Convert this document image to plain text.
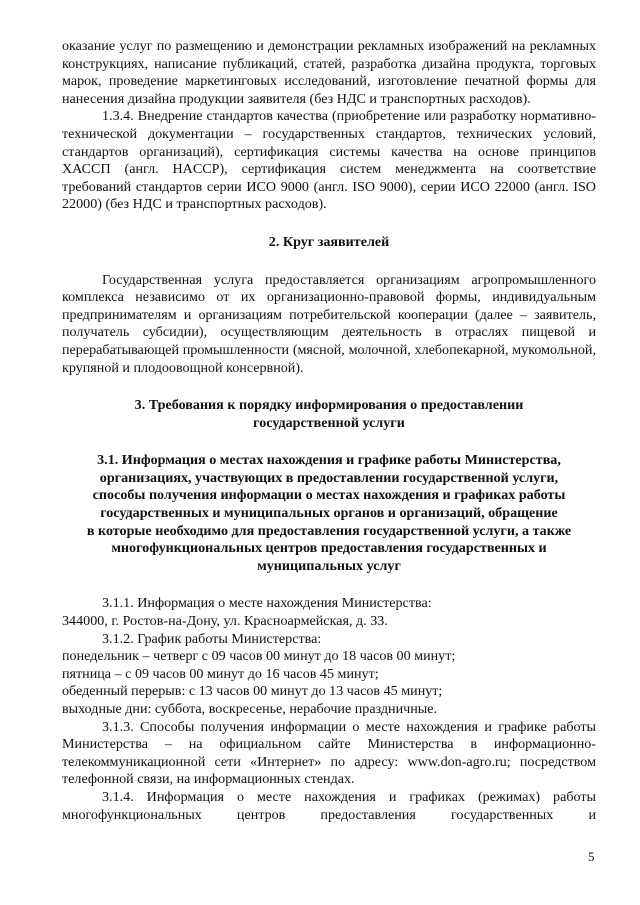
оказание услуг по размещению и демонстрации рекламных изображений на рекламных конструкциях, написание публикаций, статей, разработка дизайна продукта, торговых марок, проведение маркетинговых исследований, изготовление печатной формы для нанесения дизайна продукции заявителя (без НДС и транспортных расходов).

1.3.4. Внедрение стандартов качества (приобретение или разработку нормативно-технической документации – государственных стандартов, технических условий, стандартов организаций), сертификация системы качества на основе принципов ХАССП (англ. HACCP), сертификация систем менеджмента на соответствие требований стандартов серии ИСО 9000 (англ. ISO 9000), серии ИСО 22000 (англ. ISO 22000) (без НДС и транспортных расходов).

2. Круг заявителей

Государственная услуга предоставляется организациям агропромышленного комплекса независимо от их организационно-правовой формы, индивидуальным предпринимателям и организациям потребительской кооперации (далее – заявитель, получатель субсидии), осуществляющим деятельность в отраслях пищевой и перерабатывающей промышленности (мясной, молочной, хлебопекарной, мукомольной, крупяной и плодоовощной консервной).

3. Требования к порядку информирования о предоставлении
государственной услуги

3.1. Информация о местах нахождения и графике работы Министерства,
организациях, участвующих в предоставлении государственной услуги,
способы получения информации о местах нахождения и графиках работы
государственных и муниципальных органов и организаций, обращение
в которые необходимо для предоставления государственной услуги, а также
многофункциональных центров предоставления государственных и
муниципальных услуг

3.1.1. Информация о месте нахождения Министерства:

344000, г. Ростов-на-Дону, ул. Красноармейская, д. 33.

3.1.2. График работы Министерства:

понедельник – четверг с 09 часов 00 минут до 18 часов 00 минут;

пятница – с 09 часов 00 минут до 16 часов 45 минут;

обеденный перерыв: с 13 часов 00 минут до 13 часов 45 минут;

выходные дни: суббота, воскресенье, нерабочие праздничные.

3.1.3. Способы получения информации о месте нахождения и графике работы Министерства – на официальном сайте Министерства в информационно-телекоммуникационной сети «Интернет» по адресу: www.don-agro.ru; посредством телефонной связи, на информационных стендах.

3.1.4. Информация о месте нахождения и графиках (режимах) работы многофункциональных центров предоставления государственных и

5
